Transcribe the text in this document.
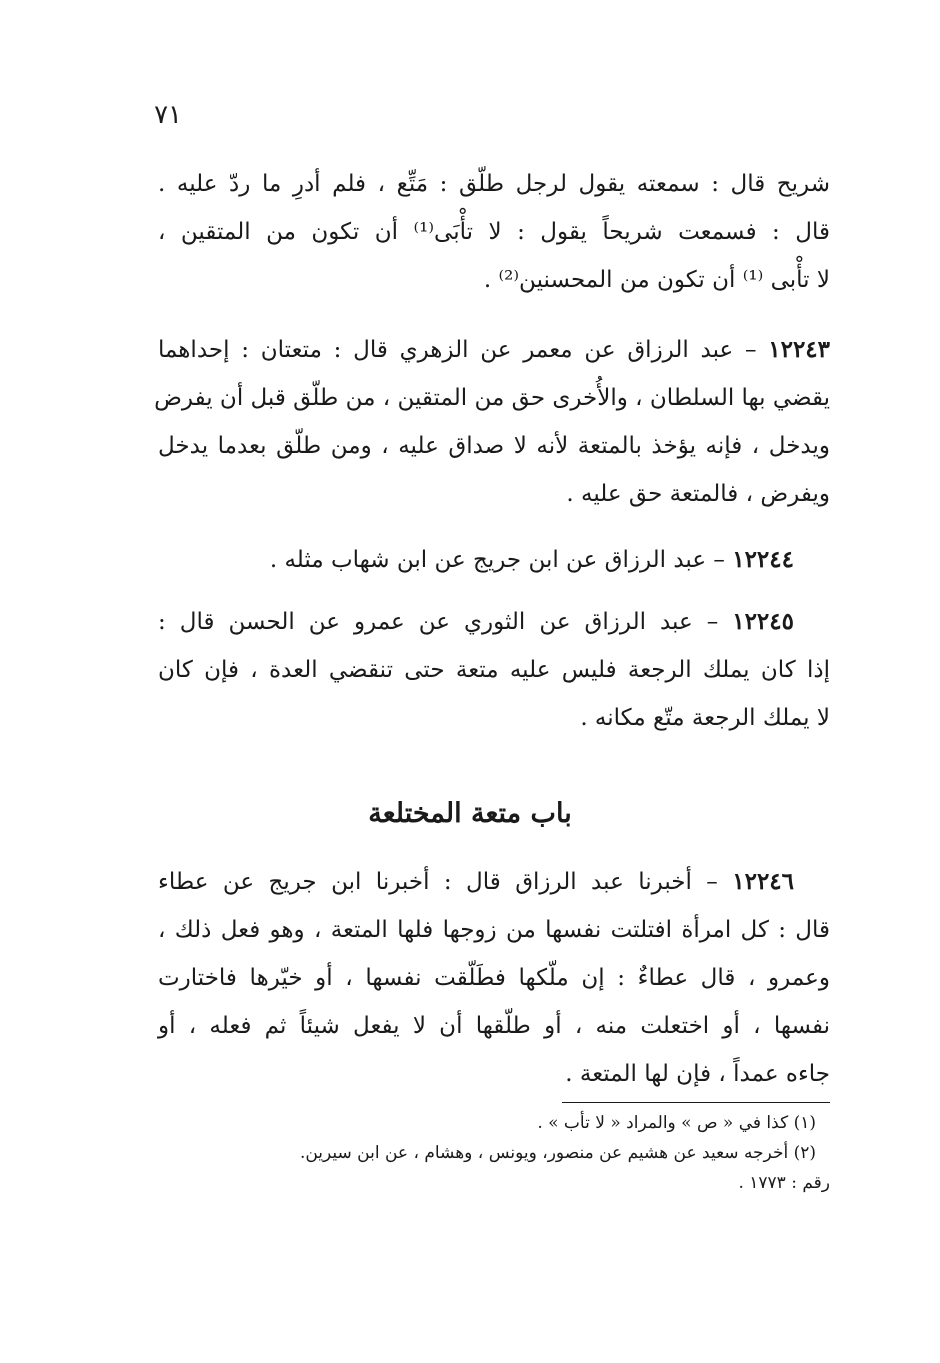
٧١
شريح قال : سمعته يقول لرجل طلّق : مَتِّع ، فلم أدرِ ما ردّ عليه .
قال : فسمعت شريحاً يقول : لا تأْبَى⁽¹⁾ أن تكون من المتقين ،
لا تأْبى ⁽¹⁾ أن تكون من المحسنين⁽²⁾ .
١٢٢٤٣ – عبد الرزاق عن معمر عن الزهري قال : متعتان : إحداهما
يقضي بها السلطان ، والأُخرى حق من المتقين ، من طلّق قبل أن يفرض
ويدخل ، فإنه يؤخذ بالمتعة لأنه لا صداق عليه ، ومن طلّق بعدما يدخل
ويفرض ، فالمتعة حق عليه .
١٢٢٤٤ – عبد الرزاق عن ابن جريج عن ابن شهاب مثله .
١٢٢٤٥ – عبد الرزاق عن الثوري عن عمرو عن الحسن قال :
إذا كان يملك الرجعة فليس عليه متعة حتى تنقضي العدة ، فإن كان
لا يملك الرجعة متّع مكانه .
باب متعة المختلعة
١٢٢٤٦ – أخبرنا عبد الرزاق قال : أخبرنا ابن جريج عن عطاء
قال : كل امرأة افتلتت نفسها من زوجها فلها المتعة ، وهو فعل ذلك ،
وعمرو ، قال عطاءٌ : إن ملّكها فطَلّقت نفسها ، أو خيّرها فاختارت
نفسها ، أو اختعلت منه ، أو طلّقها أن لا يفعل شيئاً ثم فعله ، أو
جاءه عمداً ، فإن لها المتعة .
(١) كذا في « ص » والمراد « لا تأب » .
(٢) أخرجه سعيد عن هشيم عن منصور، ويونس ، وهشام ، عن ابن سيرين.
رقم : ١٧٧٣ .
